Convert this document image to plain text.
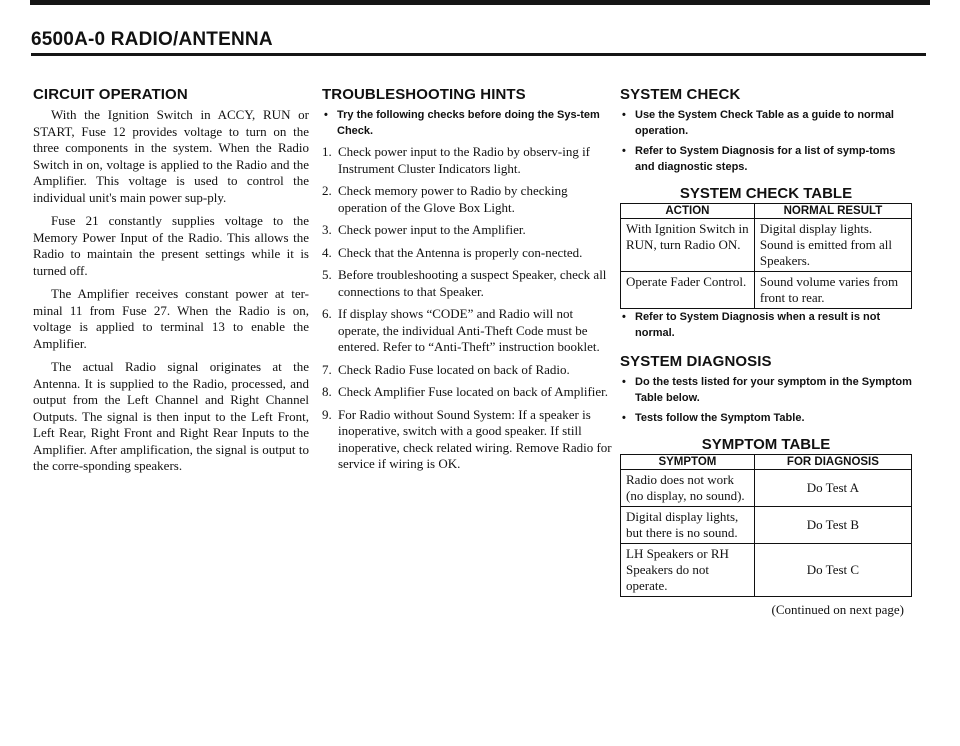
6500A-0 RADIO/ANTENNA
CIRCUIT OPERATION

With the Ignition Switch in ACCY, RUN or START, Fuse 12 provides voltage to turn on the three components in the system. When the Radio Switch in on, voltage is applied to the Radio and the Amplifier. This voltage is used to control the individual unit's main power sup-ply.

Fuse 21 constantly supplies voltage to the Memory Power Input of the Radio. This allows the Radio to maintain the present settings while it is turned off.

The Amplifier receives constant power at ter-minal 11 from Fuse 27. When the Radio is on, voltage is applied to terminal 13 to enable the Amplifier.

The actual Radio signal originates at the Antenna. It is supplied to the Radio, processed, and output from the Left Channel and Right Channel Outputs. The signal is then input to the Left Front, Left Rear, Right Front and Right Rear Inputs to the Amplifier. After amplification, the signal is output to the corre-sponding speakers.

TROUBLESHOOTING HINTS
• Try the following checks before doing the Sys-tem Check.
1. Check power input to the Radio by observ-ing if Instrument Cluster Indicators light.
2. Check memory power to Radio by checking operation of the Glove Box Light.
3. Check power input to the Amplifier.
4. Check that the Antenna is properly con-nected.
5. Before troubleshooting a suspect Speaker, check all connections to that Speaker.
6. If display shows “CODE” and Radio will not operate, the individual Anti-Theft Code must be entered. Refer to “Anti-Theft” instruction booklet.
7. Check Radio Fuse located on back of Radio.
8. Check Amplifier Fuse located on back of Amplifier.
9. For Radio without Sound System: If a speaker is inoperative, switch with a good speaker. If still inoperative, check related wiring. Remove Radio for service if wiring is OK.
SYSTEM CHECK
• Use the System Check Table as a guide to normal operation.
• Refer to System Diagnosis for a list of symp-toms and diagnostic steps.
SYSTEM CHECK TABLE
ACTION	NORMAL RESULT
With Ignition Switch in RUN, turn Radio ON.	Digital display lights. Sound is emitted from all Speakers.
Operate Fader Control.	Sound volume varies from front to rear.
• Refer to System Diagnosis when a result is not normal.
SYSTEM DIAGNOSIS
• Do the tests listed for your symptom in the Symptom Table below.
• Tests follow the Symptom Table.
SYMPTOM TABLE
SYMPTOM	FOR DIAGNOSIS
Radio does not work (no display, no sound).	Do Test A
Digital display lights, but there is no sound.	Do Test B
LH Speakers or RH Speakers do not operate.	Do Test C
(Continued on next page)
